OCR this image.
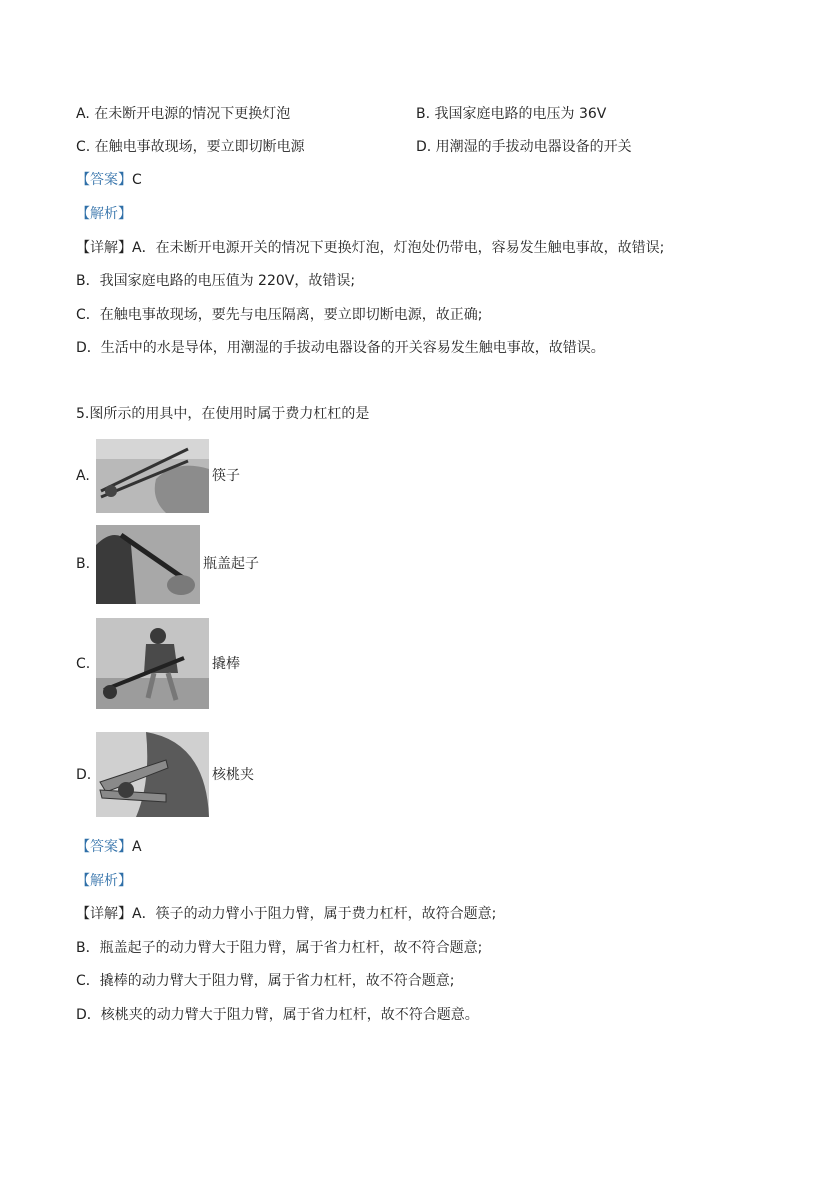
A. 在未断开电源的情况下更换灯泡	B. 我国家庭电路的电压为 36V
C. 在触电事故现场，要立即切断电源	D. 用潮湿的手拔动电器设备的开关
【答案】C
【解析】
【详解】A．在未断开电源开关的情况下更换灯泡，灯泡处仍带电，容易发生触电事故，故错误;
B．我国家庭电路的电压值为 220V，故错误;
C．在触电事故现场，要先与电压隔离，要立即切断电源，故正确;
D．生活中的水是导体，用潮湿的手拔动电器设备的开关容易发生触电事故，故错误。
5.图所示的用具中，在使用时属于费力杠杠的是
A.	筷子
B.	瓶盖起子
C.	撬棒
D.	核桃夹
【答案】A
【解析】
【详解】A．筷子的动力臂小于阻力臂，属于费力杠杆，故符合题意;
B．瓶盖起子的动力臂大于阻力臂，属于省力杠杆，故不符合题意;
C．撬棒的动力臂大于阻力臂，属于省力杠杆，故不符合题意;
D．核桃夹的动力臂大于阻力臂，属于省力杠杆，故不符合题意。
